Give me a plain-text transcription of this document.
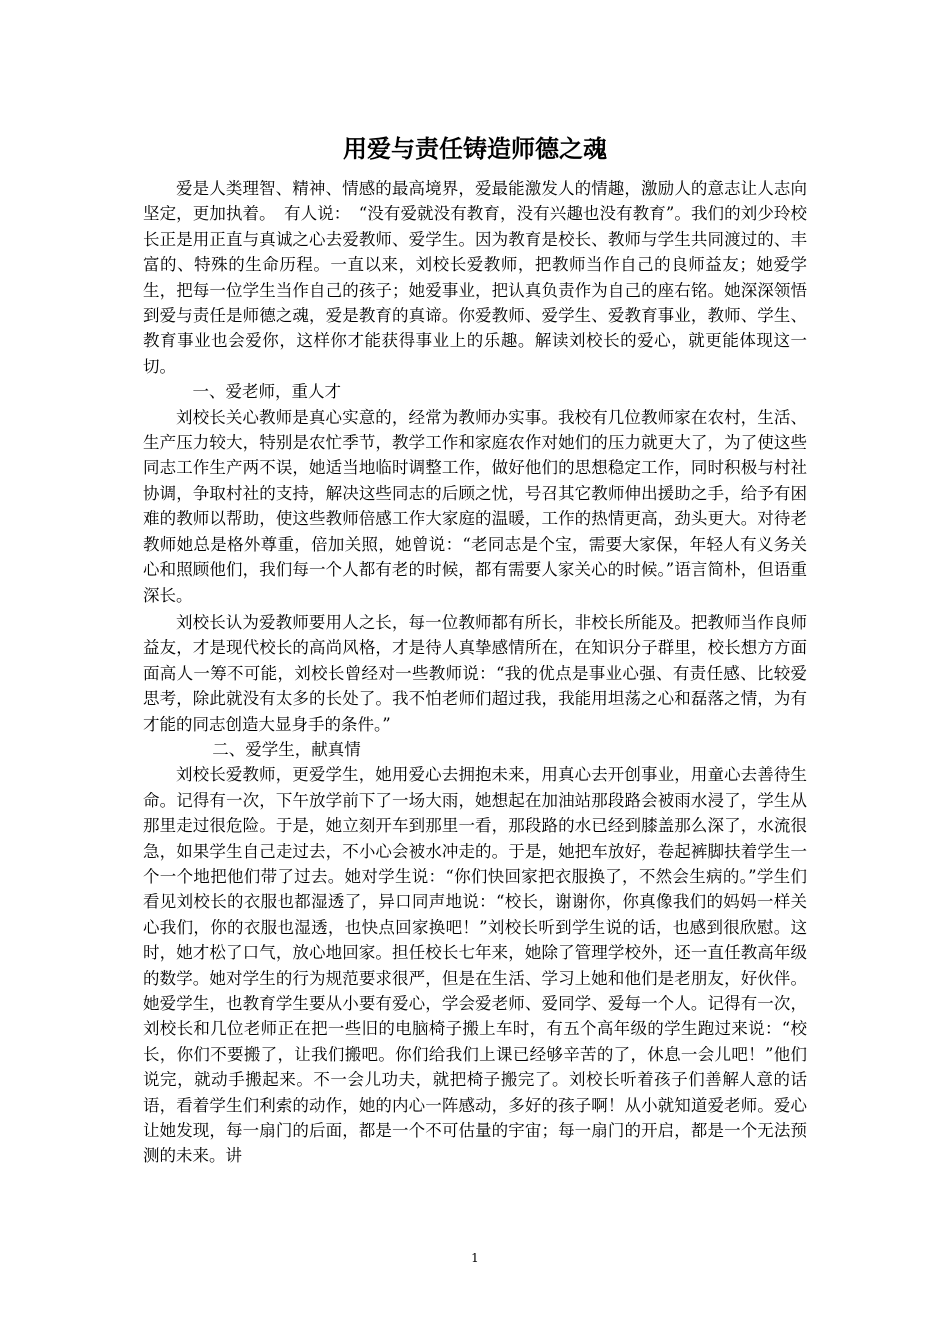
用爱与责任铸造师德之魂

爱是人类理智、精神、情感的最高境界，爱最能激发人的情趣，激励人的意志让人志向坚定，更加执着。　有人说：　“没有爱就没有教育，没有兴趣也没有教育”。我们的刘少玲校长正是用正直与真诚之心去爱教师、爱学生。因为教育是校长、教师与学生共同渡过的、丰富的、特殊的生命历程。一直以来，刘校长爱教师，把教师当作自己的良师益友；她爱学生，把每一位学生当作自己的孩子；她爱事业，把认真负责作为自己的座右铭。她深深领悟到爱与责任是师德之魂，爱是教育的真谛。你爱教师、爱学生、爱教育事业，教师、学生、教育事业也会爱你，这样你才能获得事业上的乐趣。解读刘校长的爱心，就更能体现这一切。

一、爱老师，重人才

刘校长关心教师是真心实意的，经常为教师办实事。我校有几位教师家在农村，生活、生产压力较大，特别是农忙季节，教学工作和家庭农作对她们的压力就更大了，为了使这些同志工作生产两不误，她适当地临时调整工作，做好他们的思想稳定工作，同时积极与村社协调，争取村社的支持，解决这些同志的后顾之忧，号召其它教师伸出援助之手，给予有困难的教师以帮助，使这些教师倍感工作大家庭的温暖，工作的热情更高，劲头更大。对待老教师她总是格外尊重，倍加关照，她曾说：“老同志是个宝，需要大家保，年轻人有义务关心和照顾他们，我们每一个人都有老的时候，都有需要人家关心的时候。”语言简朴，但语重深长。

刘校长认为爱教师要用人之长，每一位教师都有所长，非校长所能及。把教师当作良师益友，才是现代校长的高尚风格，才是待人真挚感情所在，在知识分子群里，校长想方方面面高人一筹不可能，刘校长曾经对一些教师说：“我的优点是事业心强、有责任感、比较爱思考，除此就没有太多的长处了。我不怕老师们超过我，我能用坦荡之心和磊落之情，为有才能的同志创造大显身手的条件。”

二、爱学生，献真情

刘校长爱教师，更爱学生，她用爱心去拥抱未来，用真心去开创事业，用童心去善待生命。记得有一次，下午放学前下了一场大雨，她想起在加油站那段路会被雨水浸了，学生从那里走过很危险。于是，她立刻开车到那里一看，那段路的水已经到膝盖那么深了，水流很急，如果学生自己走过去，不小心会被水冲走的。于是，她把车放好，卷起裤脚扶着学生一个一个地把他们带了过去。她对学生说：“你们快回家把衣服换了，不然会生病的。”学生们看见刘校长的衣服也都湿透了，异口同声地说：“校长，谢谢你，你真像我们的妈妈一样关心我们，你的衣服也湿透，也快点回家换吧！”刘校长听到学生说的话，也感到很欣慰。这时，她才松了口气，放心地回家。担任校长七年来，她除了管理学校外，还一直任教高年级的数学。她对学生的行为规范要求很严，但是在生活、学习上她和他们是老朋友，好伙伴。她爱学生，也教育学生要从小要有爱心，学会爱老师、爱同学、爱每一个人。记得有一次，刘校长和几位老师正在把一些旧的电脑椅子搬上车时，有五个高年级的学生跑过来说：“校长，你们不要搬了，让我们搬吧。你们给我们上课已经够辛苦的了，休息一会儿吧！”他们说完，就动手搬起来。不一会儿功夫，就把椅子搬完了。刘校长听着孩子们善解人意的话语，看着学生们利索的动作，她的内心一阵感动，多好的孩子啊！从小就知道爱老师。爱心让她发现，每一扇门的后面，都是一个不可估量的宇宙；每一扇门的开启，都是一个无法预测的未来。讲

1
